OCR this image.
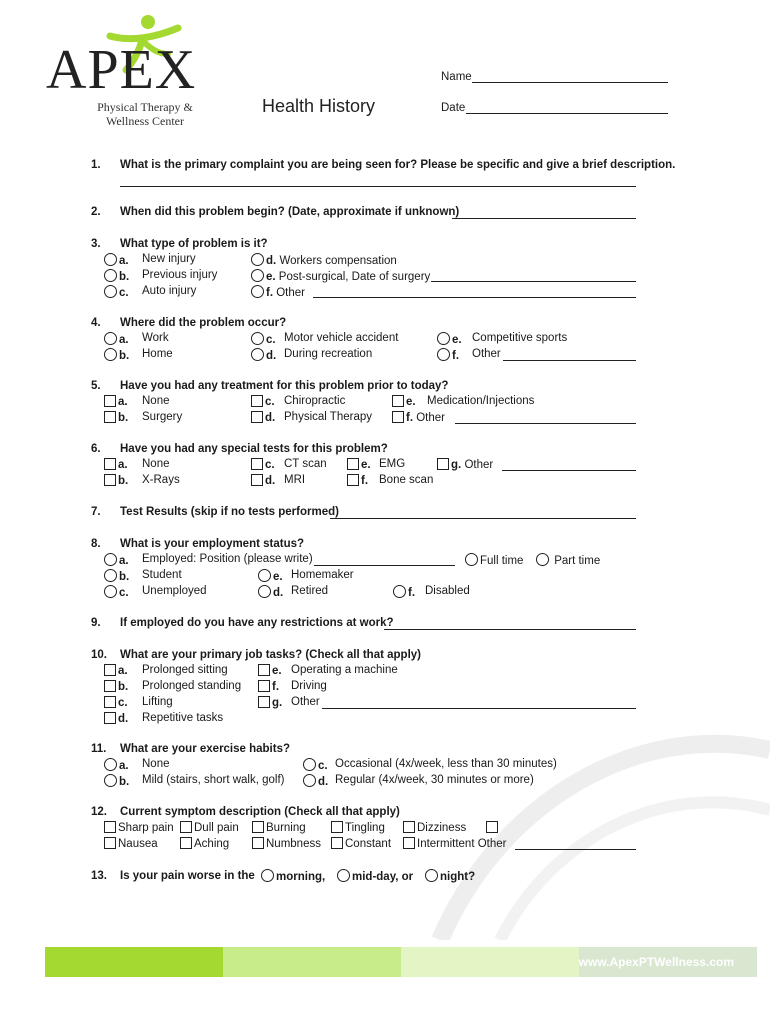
APEX
Physical Therapy &
Wellness Center
Health History
Name
Date
1. What is the primary complaint you are being seen for? Please be specific and give a brief description.
2. When did this problem begin? (Date, approximate if unknown)
3. What type of problem is it?
a. New injury
b. Previous injury
c. Auto injury
d. Workers compensation
e. Post-surgical, Date of surgery
f. Other
4. Where did the problem occur?
a. Work
b. Home
c. Motor vehicle accident
d. During recreation
e. Competitive sports
f. Other
5. Have you had any treatment for this problem prior to today?
a. None
b. Surgery
c. Chiropractic
d. Physical Therapy
e. Medication/Injections
f. Other
6. Have you had any special tests for this problem?
a. None
b. X-Rays
c. CT scan
d. MRI
e. EMG
f. Bone scan
g. Other
7. Test Results (skip if no tests performed)
8. What is your employment status?
a. Employed: Position (please write)	Full time	Part time
b. Student
c. Unemployed
e. Homemaker
d. Retired	f. Disabled
9. If employed do you have any restrictions at work?
10. What are your primary job tasks? (Check all that apply)
a. Prolonged sitting
b. Prolonged standing
c. Lifting
d. Repetitive tasks
e. Operating a machine
f. Driving
g. Other
11. What are your exercise habits?
a. None
b. Mild (stairs, short walk, golf)
c. Occasional (4x/week, less than 30 minutes)
d. Regular (4x/week, 30 minutes or more)
12. Current symptom description (Check all that apply)
Sharp pain	Dull pain	Burning	Tingling	Dizziness
Nausea	Aching	Numbness	Constant	Intermittent Other
13. Is your pain worse in the	morning,	mid-day, or	night?
www.ApexPTWellness.com
